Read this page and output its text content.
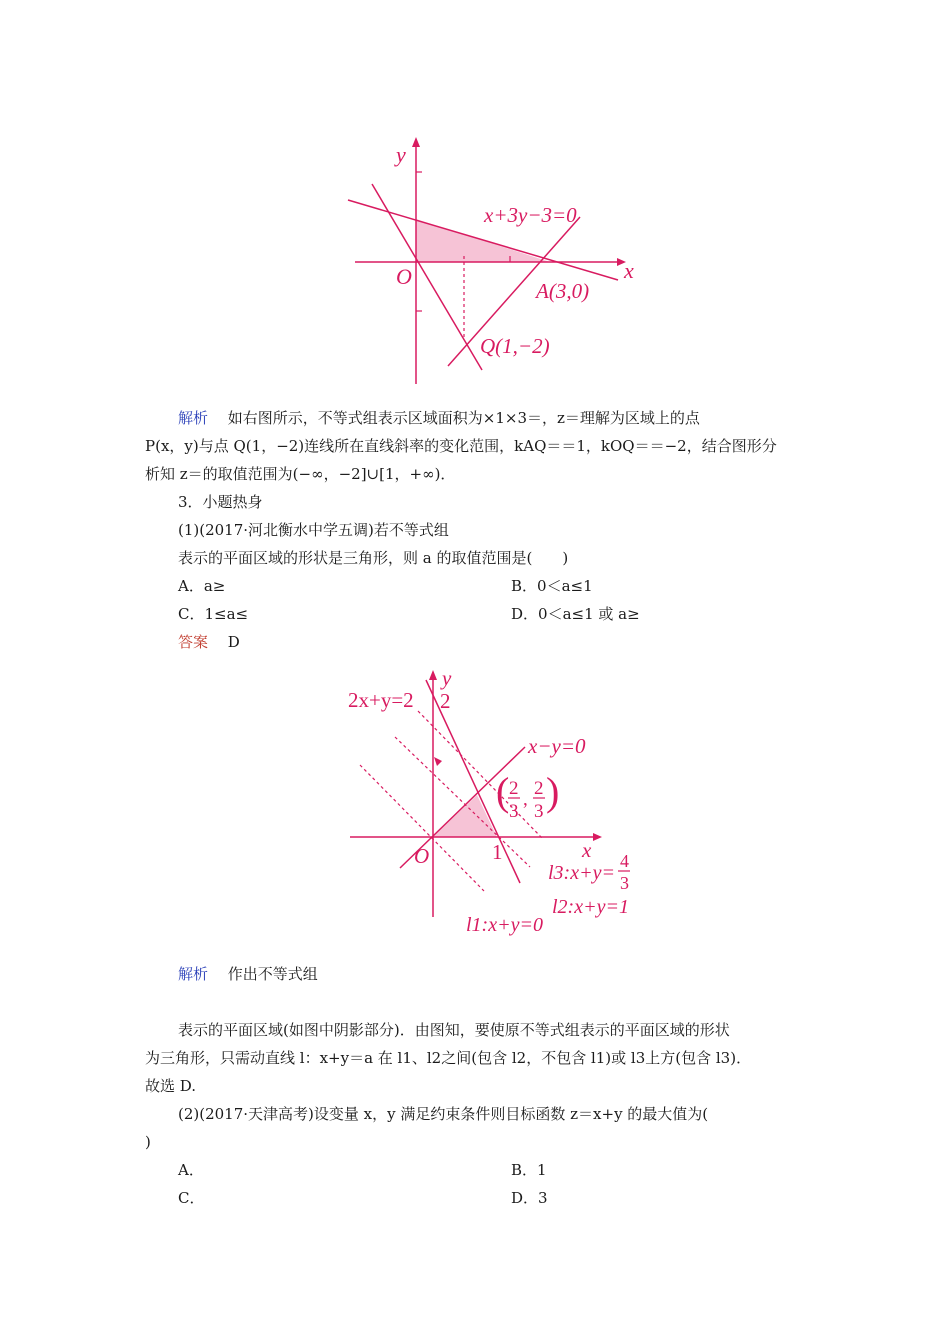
y
x
O
x+3y−3=0
A(3,0)
Q(1,−2)
解析　 如右图所示，不等式组表示区域面积为×1×3＝，z＝理解为区域上的点
P(x，y)与点 Q(1，−2)连线所在直线斜率的变化范围，kAQ＝＝1，kOQ＝＝−2，结合图形分
析知 z＝的取值范围为(−∞，−2]∪[1，+∞)．
3．小题热身
(1)(2017·河北衡水中学五调)若不等式组
表示的平面区域的形状是三角形，则 a 的取值范围是(　　)
A．a≥	B．0＜a≤1
C．1≤a≤	D．0＜a≤1 或 a≥
答案　 D
y
2
2x+y=2
x−y=0
( 2
3
,
2
3 )
O	1	x
l3:x+y=
4
3
l2:x+y=1
l1:x+y=0
解析　 作出不等式组
表示的平面区域(如图中阴影部分)．由图知，要使原不等式组表示的平面区域的形状
为三角形，只需动直线 l：x+y＝a 在 l1、l2之间(包含 l2，不包含 l1)或 l3上方(包含 l3)．
故选 D.
(2)(2017·天津高考)设变量 x，y 满足约束条件则目标函数 z＝x+y 的最大值为(
)
A．	B．1
C．	D．3
